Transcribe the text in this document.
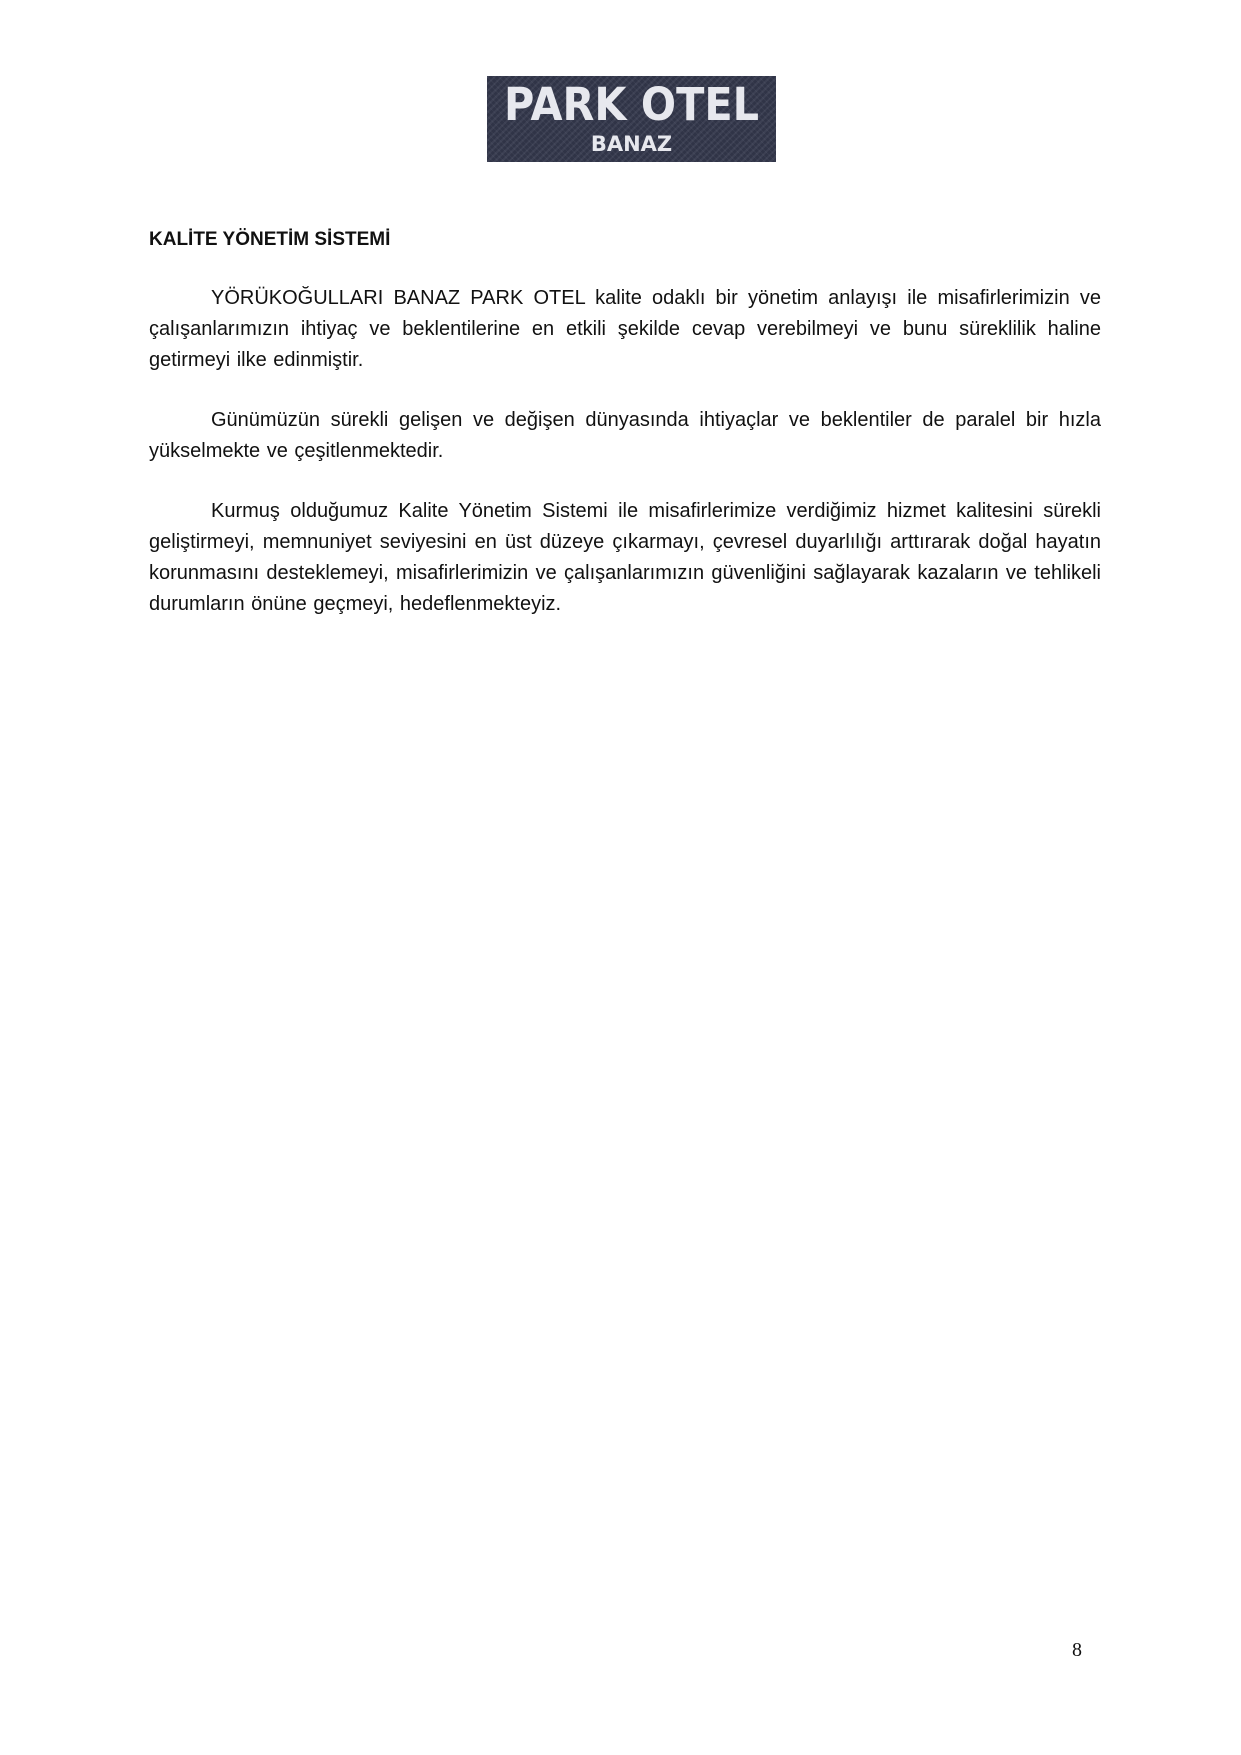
PARK OTEL
BANAZ
KALİTE YÖNETİM SİSTEMİ

YÖRÜKOĞULLARI BANAZ PARK OTEL kalite odaklı bir yönetim anlayışı ile misafirlerimizin ve çalışanlarımızın ihtiyaç ve beklentilerine en etkili şekilde cevap verebilmeyi ve bunu süreklilik haline getirmeyi ilke edinmiştir.

Günümüzün sürekli gelişen ve değişen dünyasında ihtiyaçlar ve beklentiler de paralel bir hızla yükselmekte ve çeşitlenmektedir.

Kurmuş olduğumuz Kalite Yönetim Sistemi ile misafirlerimize verdiğimiz hizmet kalitesini sürekli geliştirmeyi, memnuniyet seviyesini en üst düzeye çıkarmayı, çevresel duyarlılığı arttırarak doğal hayatın korunmasını desteklemeyi, misafirlerimizin ve çalışanlarımızın güvenliğini sağlayarak kazaların ve tehlikeli durumların önüne geçmeyi, hedeflenmekteyiz.

8
